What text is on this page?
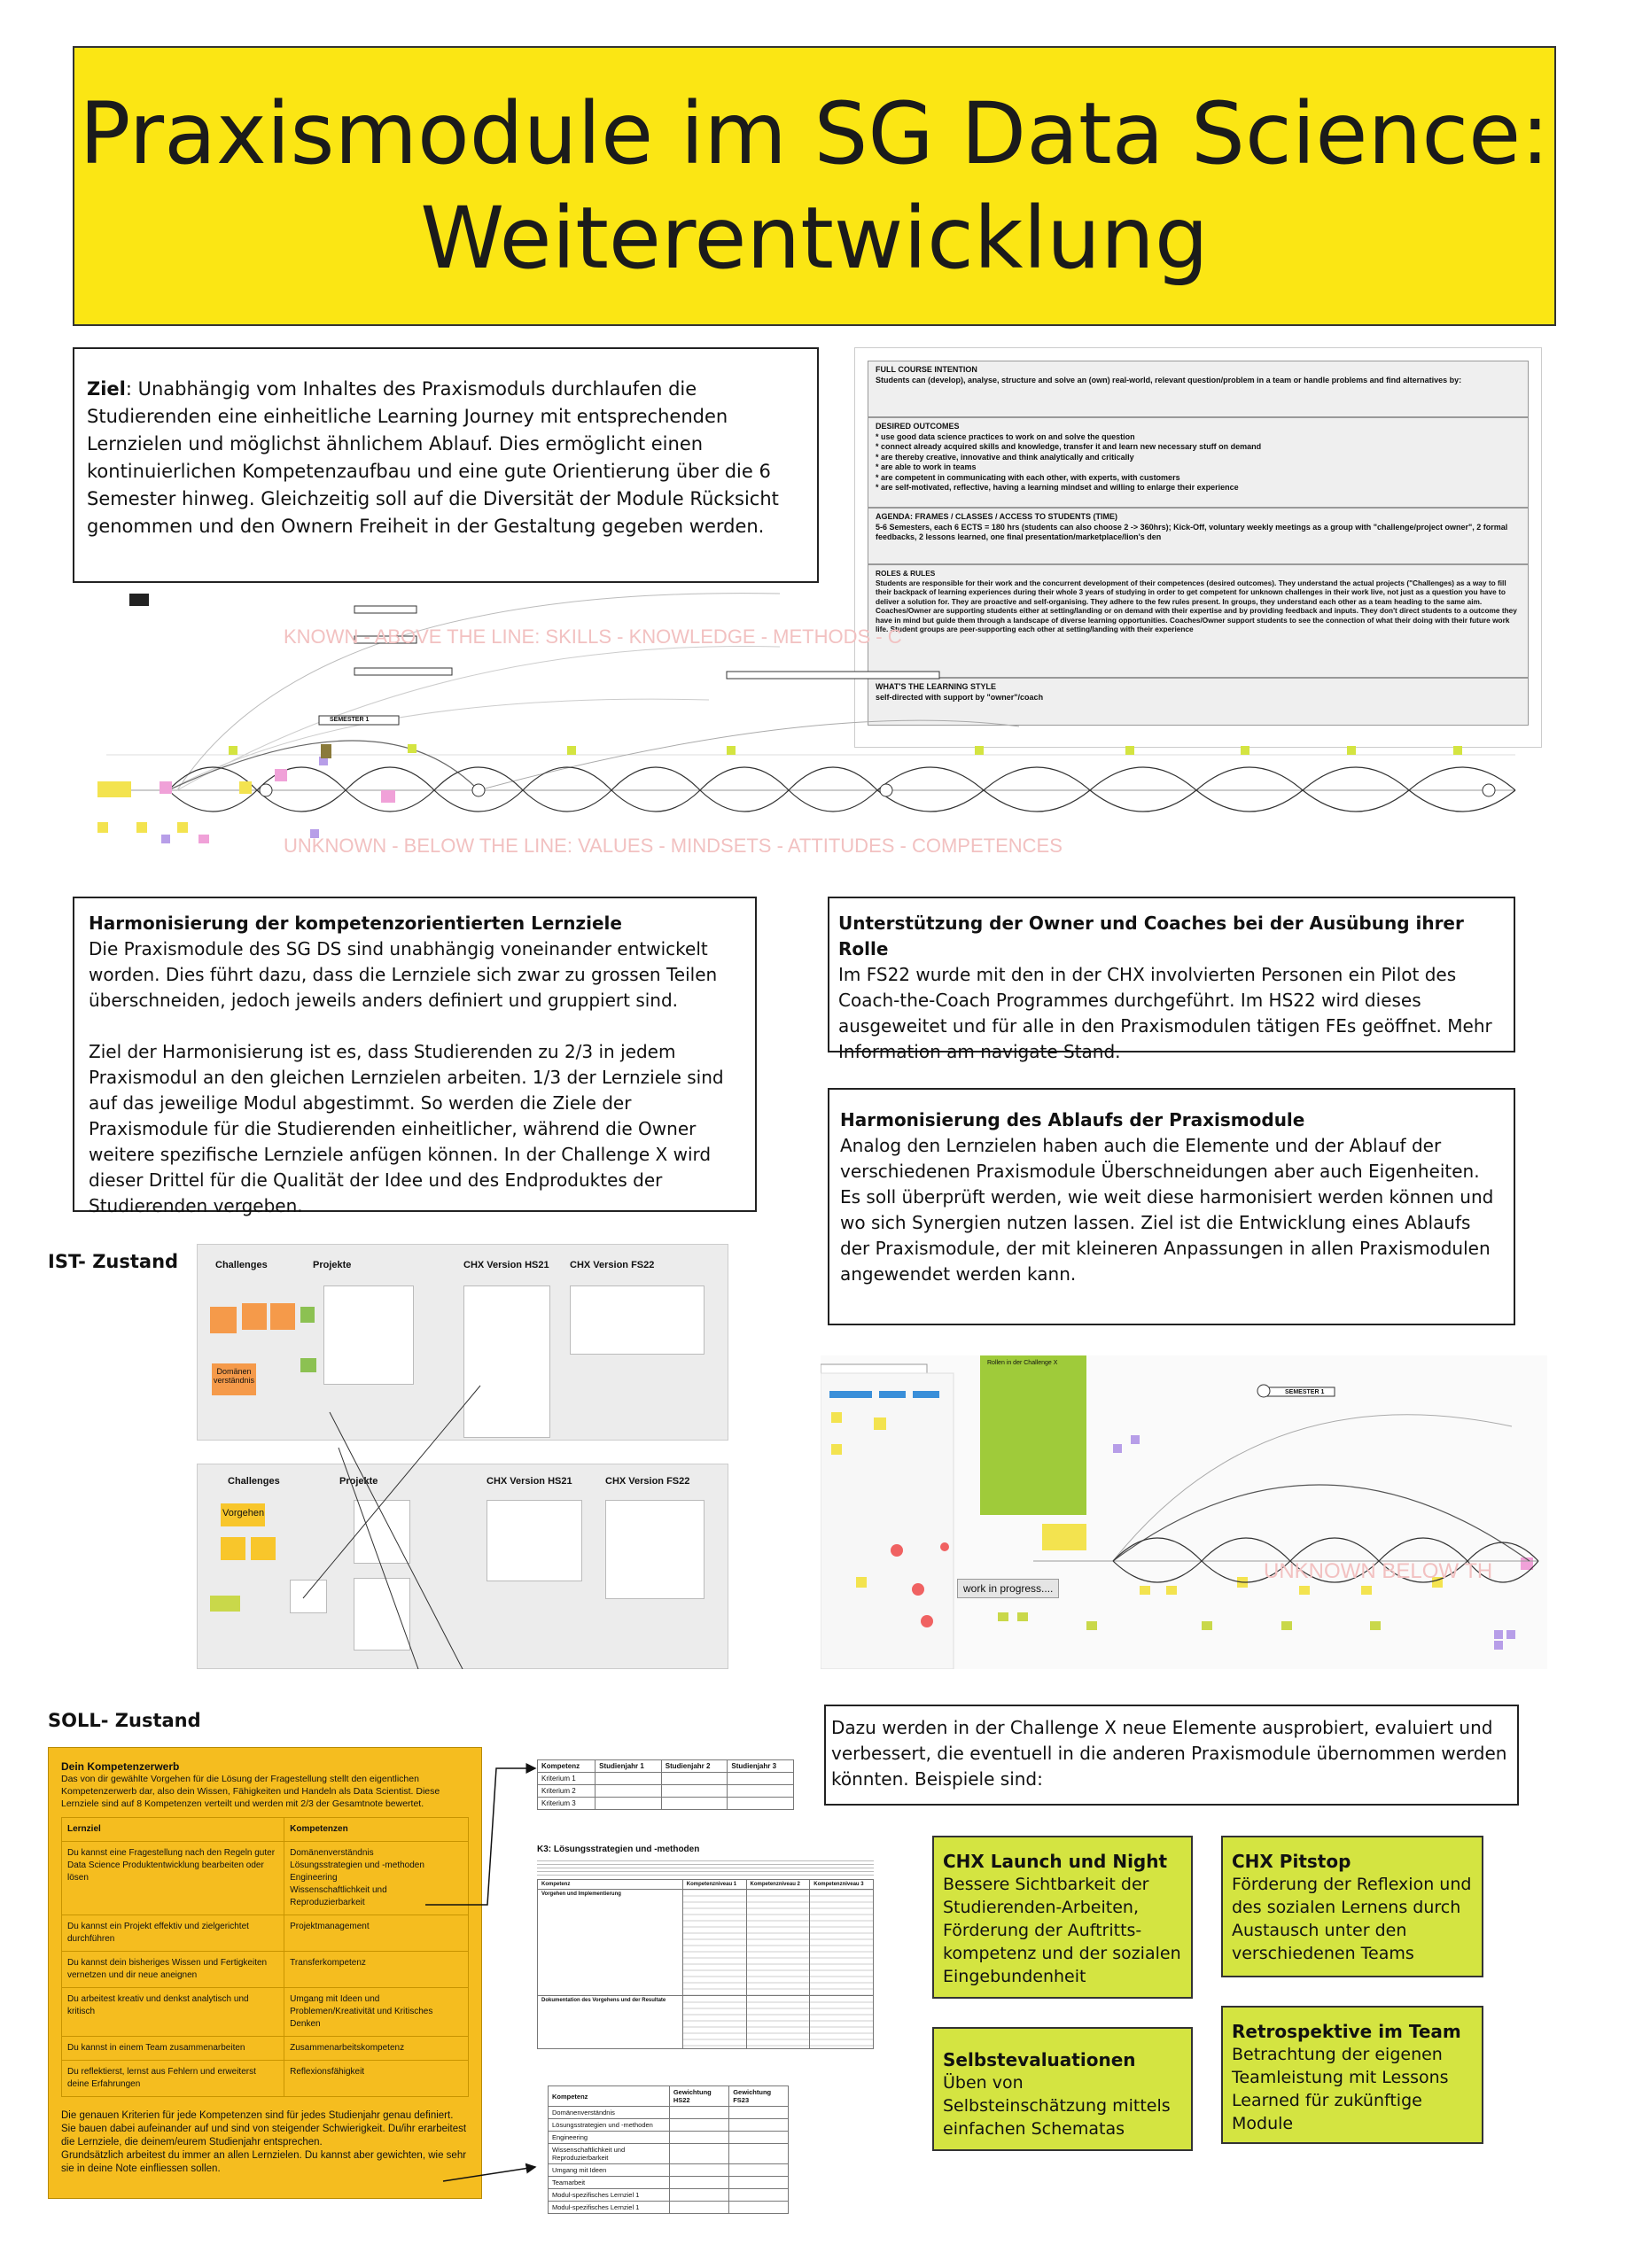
Praxismodule im SG Data Science:
Weiterentwicklung
Ziel: Unabhängig vom Inhaltes des Praxismoduls durchlaufen die Studierenden eine einheitliche Learning Journey mit entsprechenden Lernzielen und möglichst ähnlichem Ablauf. Dies ermöglicht einen kontinuierlichen Kompetenzaufbau und eine gute Orientierung über die 6 Semester hinweg. Gleichzeitig soll auf die Diversität der Module Rücksicht genommen und den Ownern Freiheit in der Gestaltung gegeben werden.
FULL COURSE INTENTION
Students can (develop), analyse, structure and solve an (own) real-world, relevant question/problem in a team or handle problems and find alternatives by:
DESIRED OUTCOMES
* use good data science practices to work on and solve the question
* connect already acquired skills and knowledge, transfer it and learn new necessary stuff on demand
* are thereby creative, innovative and think analytically and critically
* are able to work in teams
* are competent in communicating with each other, with experts, with customers
* are self-motivated, reflective, having a learning mindset and willing to enlarge their experience
AGENDA: FRAMES / CLASSES / ACCESS TO STUDENTS (TIME)
5-6 Semesters, each 6 ECTS = 180 hrs (students can also choose 2 -> 360hrs); Kick-Off, voluntary weekly meetings as a group with "challenge/project owner", 2 formal feedbacks, 2 lessons learned, one final presentation/marketplace/lion's den
ROLES & RULES
Students are responsible for their work and the concurrent development of their competences (desired outcomes). They understand the actual projects ("Challenges) as a way to fill their backpack of learning experiences during their whole 3 years of studying in order to get competent for unknown challenges in their work live, not just as a question you have to deliver a solution for. They are proactive and self-organising. They adhere to the few rules present. In groups, they understand each other as a team heading to the same aim. Coaches/Owner are supporting students either at setting/landing or on demand with their expertise and by providing feedback and inputs. They don't direct students to a outcome they have in mind but guide them through a landscape of diverse learning opportunities. Coaches/Owner support students to see the connection of what their doing with their future work life. Student groups are peer-supporting each other at setting/landing with their experience
WHAT'S THE LEARNING STYLE
self-directed with support by "owner"/coach
KNOWN - ABOVE THE LINE: SKILLS - KNOWLEDGE - METHODS - C
UNKNOWN - BELOW THE LINE: VALUES - MINDSETS - ATTITUDES - COMPETENCES
SEMESTER 1
Harmonisierung der kompetenzorientierten Lernziele
Die Praxismodule des SG DS sind unabhängig voneinander entwickelt worden. Dies führt dazu, dass die Lernziele sich zwar zu grossen Teilen überschneiden, jedoch jeweils anders definiert und gruppiert sind.
Ziel der Harmonisierung ist es, dass Studierenden zu 2/3 in jedem Praxismodul an den gleichen Lernzielen arbeiten. 1/3 der Lernziele sind auf das jeweilige Modul abgestimmt. So werden die Ziele der Praxismodule für die Studierenden einheitlicher, während die Owner weitere spezifische Lernziele anfügen können. In der Challenge X wird dieser Drittel für die Qualität der Idee und des Endproduktes der Studierenden vergeben.
Unterstützung der Owner und Coaches bei der Ausübung ihrer Rolle
Im FS22 wurde mit den in der CHX involvierten Personen ein Pilot des Coach-the-Coach Programmes durchgeführt. Im HS22 wird dieses ausgeweitet und für alle in den Praxismodulen tätigen FEs geöffnet. Mehr Information am navigate Stand.
Harmonisierung des Ablaufs der Praxismodule
Analog den Lernzielen haben auch die Elemente und der Ablauf der verschiedenen Praxismodule Überschneidungen aber auch Eigenheiten. Es soll überprüft werden, wie weit diese harmonisiert werden können und wo sich Synergien nutzen lassen. Ziel ist die Entwicklung eines Ablaufs der Praxismodule, der mit kleineren Anpassungen in allen Praxismodulen angewendet werden kann.
IST- Zustand	Challenges	Projekte	CHX Version HS21 CHX Version FS22
Domänen verständnis
Challenges	Projekte	CHX Version HS21	CHX Version FS22
Vorgehen
Rollen in der Challenge X
SEMESTER 1
UNKNOWN BELOW TH
work in progress....
SOLL- Zustand
Dein Kompetenzerwerb
Das von dir gewählte Vorgehen für die Lösung der Fragestellung stellt den eigentlichen Kompetenzerwerb dar, also dein Wissen, Fähigkeiten und Handeln als Data Scientist. Diese Lernziele sind auf 8 Kompetenzen verteilt und werden mit 2/3 der Gesamtnote bewertet.
Lernziel	Kompetenzen
Du kannst eine Fragestellung nach den Regeln guter Data Science Produktentwicklung bearbeiten oder lösen	Domänenverständnis
Lösungsstrategien und -methoden
Engineering
Wissenschaftlichkeit und Reproduzierbarkeit
Du kannst ein Projekt effektiv und zielgerichtet durchführen	Projektmanagement
Du kannst dein bisheriges Wissen und Fertigkeiten vernetzen und dir neue aneignen	Transferkompetenz
Du arbeitest kreativ und denkst analytisch und kritisch	Umgang mit Ideen und Problemen/Kreativität und Kritisches Denken
Du kannst in einem Team zusammenarbeiten	Zusammenarbeitskompetenz
Du reflektierst, lernst aus Fehlern und erweiterst deine Erfahrungen	Reflexionsfähigkeit
Die genauen Kriterien für jede Kompetenzen sind für jedes Studienjahr genau definiert. Sie bauen dabei aufeinander auf und sind von steigender Schwierigkeit. Du/ihr erarbeitest die Lernziele, die deinem/eurem Studienjahr entsprechen.
Grundsätzlich arbeitest du immer an allen Lernzielen. Du kannst aber gewichten, wie sehr sie in deine Note einfliessen sollen.
Kompetenz	Studienjahr 1	Studienjahr 2	Studienjahr 3
Kriterium 1			
Kriterium 2			
Kriterium 3			
K3: Lösungsstrategien und -methoden
Kompetenz	Kompetenzniveau 1	Kompetenzniveau 2	Kompetenzniveau 3
Vorgehen und Implementierung			
Dokumentation des Vorgehens und der Resultate			
Kompetenz	Gewichtung HS22	Gewichtung FS23
Domänenverständnis		
Lösungsstrategien und -methoden		
Engineering		
Wissenschaftlichkeit und Reproduzierbarkeit		
Umgang mit Ideen		
Teamarbeit		
Modul-spezifisches Lernziel 1		
Modul-spezifisches Lernziel 1		
Dazu werden in der Challenge X neue Elemente ausprobiert, evaluiert und verbessert, die eventuell in die anderen Praxismodule übernommen werden könnten. Beispiele sind:
CHX Launch und Night
Bessere Sichtbarkeit der Studierenden-Arbeiten, Förderung der Auftritts-kompetenz und der sozialen Eingebundenheit
CHX Pitstop
Förderung der Reflexion und des sozialen Lernens durch Austausch unter den verschiedenen Teams
Selbstevaluationen
Üben von Selbsteinschätzung mittels einfachen Schematas
Retrospektive im Team
Betrachtung der eigenen Teamleistung mit Lessons Learned für zukünftige Module
